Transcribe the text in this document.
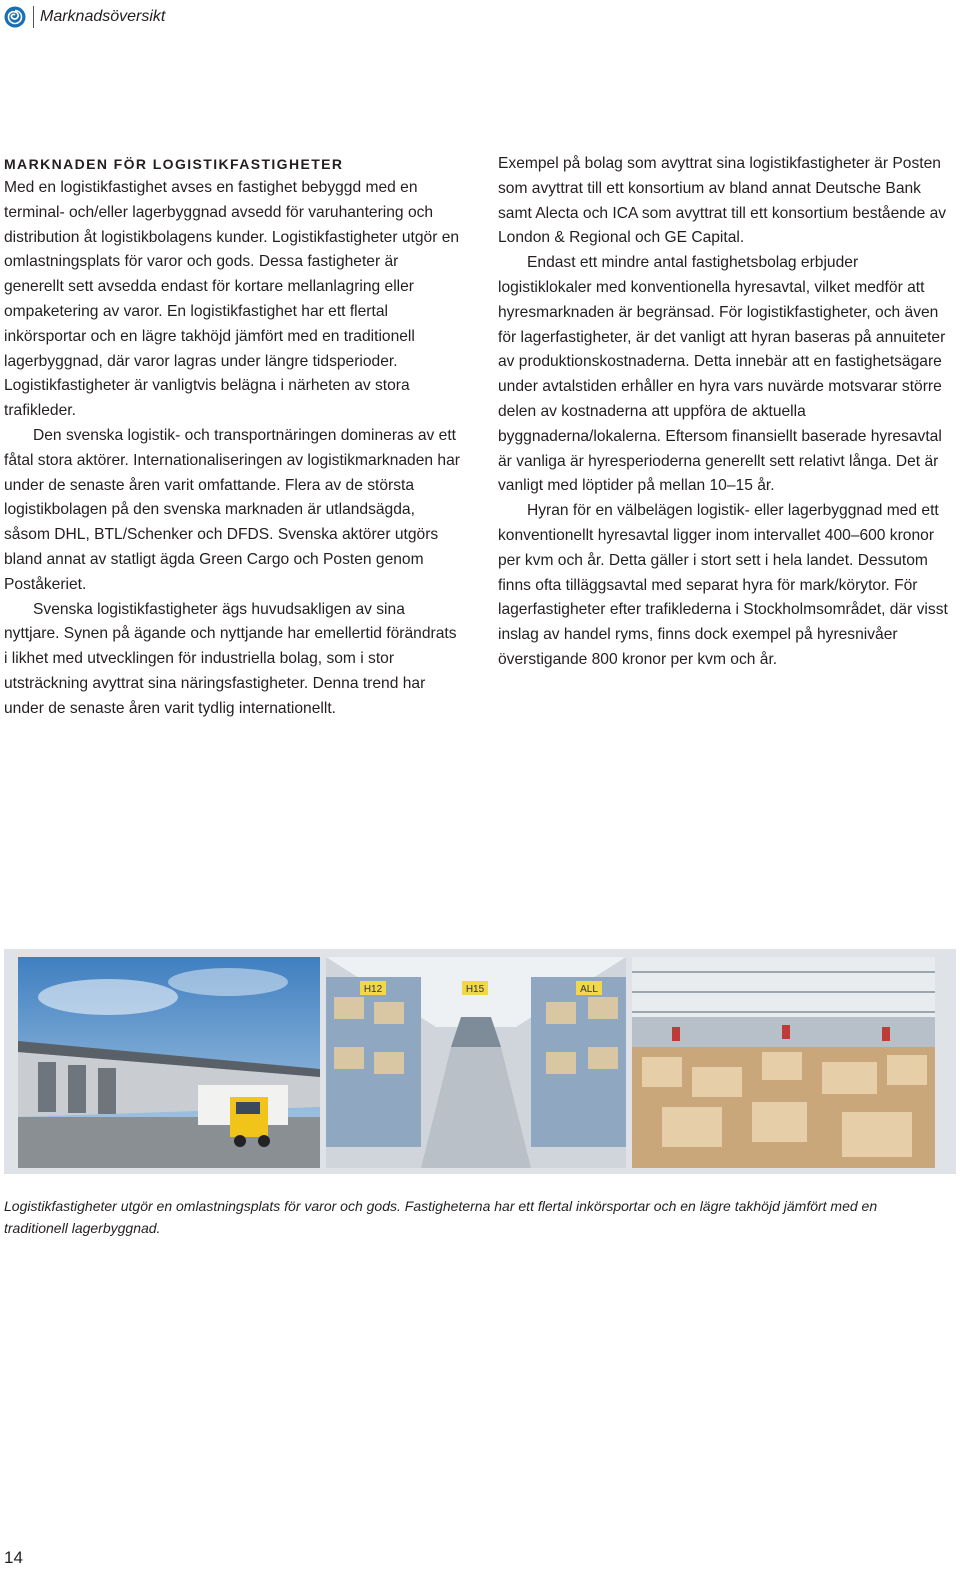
Marknadsöversikt
MARKNADEN FÖR LOGISTIKFASTIGHETER

Med en logistikfastighet avses en fastighet bebyggd med en terminal- och/eller lagerbyggnad avsedd för varuhantering och distribution åt logistikbolagens kunder. Logistikfastigheter utgör en omlastningsplats för varor och gods. Dessa fastigheter är generellt sett avsedda endast för kortare mellanlagring eller ompaketering av varor. En logistikfastighet har ett flertal inkörsportar och en lägre takhöjd jämfört med en traditionell lagerbyggnad, där varor lagras under längre tidsperioder. Logistikfastigheter är vanligtvis belägna i närheten av stora trafikleder.

Den svenska logistik- och transportnäringen domineras av ett fåtal stora aktörer. Internationaliseringen av logistikmarknaden har under de senaste åren varit omfattande. Flera av de största logistikbolagen på den svenska marknaden är utlandsägda, såsom DHL, BTL/Schenker och DFDS. Svenska aktörer utgörs bland annat av statligt ägda Green Cargo och Posten genom Poståkeriet.

Svenska logistikfastigheter ägs huvudsakligen av sina nyttjare. Synen på ägande och nyttjande har emellertid förändrats i likhet med utvecklingen för industriella bolag, som i stor utsträckning avyttrat sina näringsfastigheter. Denna trend har under de senaste åren varit tydlig internationellt.

Exempel på bolag som avyttrat sina logistikfastigheter är Posten som avyttrat till ett konsortium av bland annat Deutsche Bank samt Alecta och ICA som avyttrat till ett konsortium bestående av London & Regional och GE Capital.

Endast ett mindre antal fastighetsbolag erbjuder logistiklokaler med konventionella hyresavtal, vilket medför att hyresmarknaden är begränsad. För logistikfastigheter, och även för lagerfastigheter, är det vanligt att hyran baseras på annuiteter av produktionskostnaderna. Detta innebär att en fastighetsägare under avtalstiden erhåller en hyra vars nuvärde motsvarar större delen av kostnaderna att uppföra de aktuella byggnaderna/lokalerna. Eftersom finansiellt baserade hyresavtal är vanliga är hyresperioderna generellt sett relativt långa. Det är vanligt med löptider på mellan 10–15 år.

Hyran för en välbelägen logistik- eller lagerbyggnad med ett konventionellt hyresavtal ligger inom intervallet 400–600 kronor per kvm och år. Detta gäller i stort sett i hela landet. Dessutom finns ofta tilläggsavtal med separat hyra för mark/körytor. För lagerfastigheter efter trafiklederna i Stockholmsområdet, där visst inslag av handel ryms, finns dock exempel på hyresnivåer överstigande 800 kronor per kvm och år.

H12	H15	ALL
Logistikfastigheter utgör en omlastningsplats för varor och gods. Fastigheterna har ett flertal inkörsportar och en lägre takhöjd jämfört med en traditionell lagerbyggnad.
14
